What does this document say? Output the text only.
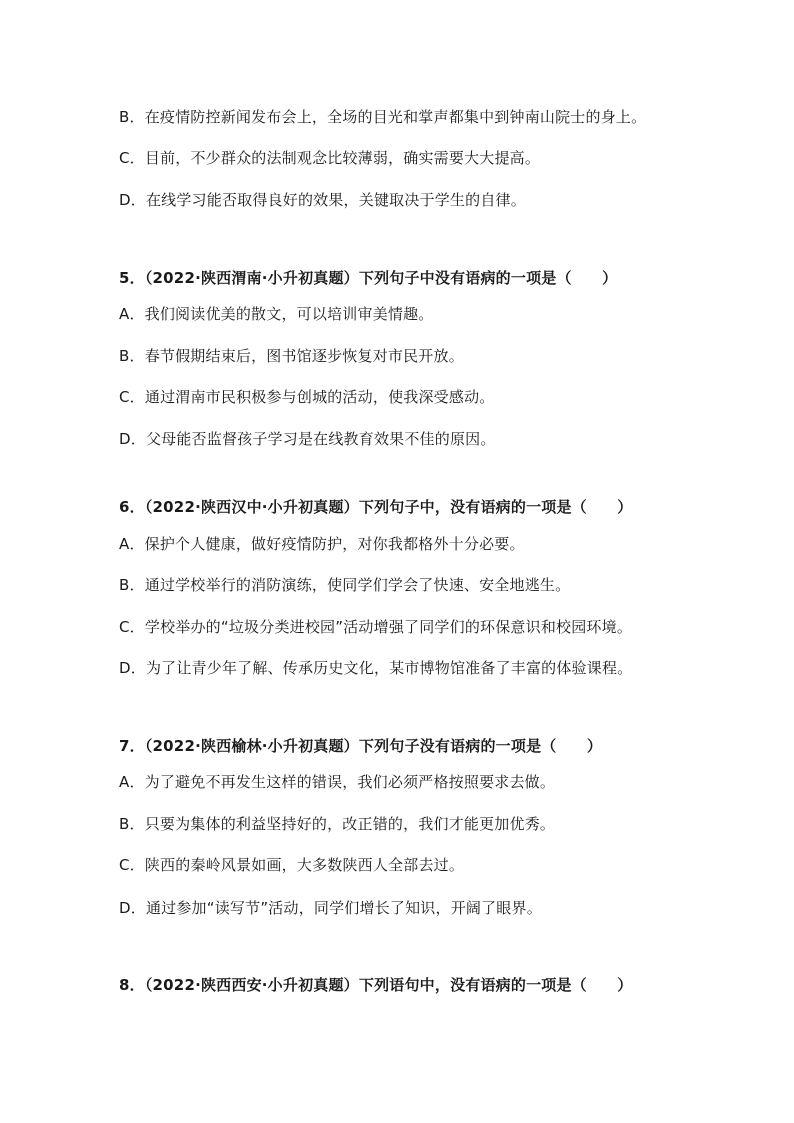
B．在疫情防控新闻发布会上，全场的目光和掌声都集中到钟南山院士的身上。
C．目前，不少群众的法制观念比较薄弱，确实需要大大提高。
D．在线学习能否取得良好的效果，关键取决于学生的自律。
5．（2022·陕西渭南·小升初真题）下列句子中没有语病的一项是（　　）
A．我们阅读优美的散文，可以培训审美情趣。
B．春节假期结束后，图书馆逐步恢复对市民开放。
C．通过渭南市民积极参与创城的活动，使我深受感动。
D．父母能否监督孩子学习是在线教育效果不佳的原因。
6．（2022·陕西汉中·小升初真题）下列句子中，没有语病的一项是（　　）
A．保护个人健康，做好疫情防护，对你我都格外十分必要。
B．通过学校举行的消防演练，使同学们学会了快速、安全地逃生。
C．学校举办的“垃圾分类进校园”活动增强了同学们的环保意识和校园环境。
D．为了让青少年了解、传承历史文化，某市博物馆准备了丰富的体验课程。
7．（2022·陕西榆林·小升初真题）下列句子没有语病的一项是（　　）
A．为了避免不再发生这样的错误，我们必须严格按照要求去做。
B．只要为集体的利益坚持好的，改正错的，我们才能更加优秀。
C．陕西的秦岭风景如画，大多数陕西人全部去过。
D．通过参加“读写节”活动，同学们增长了知识，开阔了眼界。
8．（2022·陕西西安·小升初真题）下列语句中，没有语病的一项是（　　）
